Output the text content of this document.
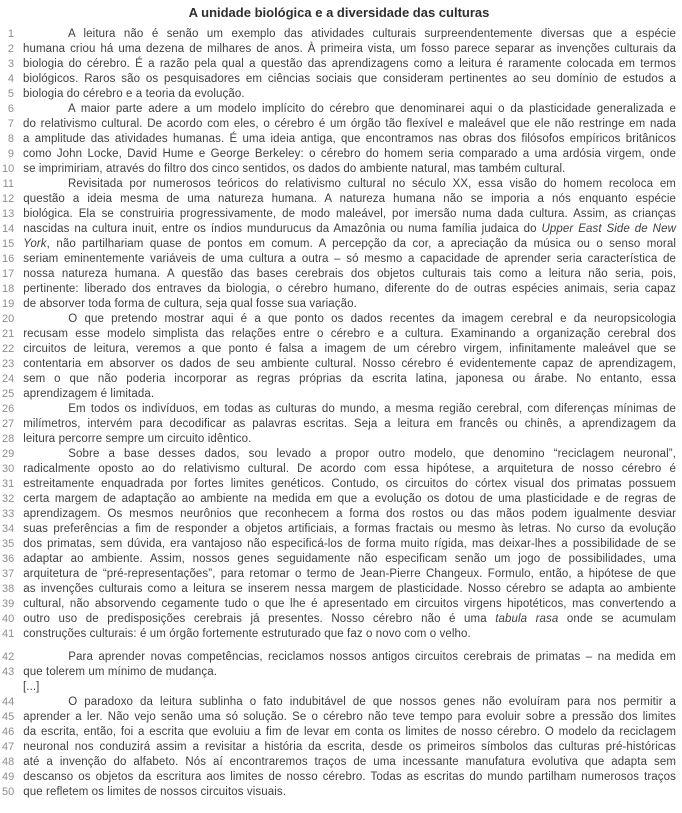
A unidade biológica e a diversidade das culturas
1	A leitura não é senão um exemplo das atividades culturais surpreendentemente diversas que a espécie
2 humana criou há uma dezena de milhares de anos. À primeira vista, um fosso parece separar as invenções culturais da
3 biologia do cérebro. É a razão pela qual a questão das aprendizagens como a leitura é raramente colocada em termos
4 biológicos. Raros são os pesquisadores em ciências sociais que consideram pertinentes ao seu domínio de estudos a
5 biologia do cérebro e a teoria da evolução.
6	A maior parte adere a um modelo implícito do cérebro que denominarei aqui o da plasticidade generalizada e
7 do relativismo cultural. De acordo com eles, o cérebro é um órgão tão flexível e maleável que ele não restringe em nada
8 a amplitude das atividades humanas. É uma ideia antiga, que encontramos nas obras dos filósofos empíricos britânicos
9 como John Locke, David Hume e George Berkeley: o cérebro do homem seria comparado a uma ardósia virgem, onde
10 se imprimiriam, através do filtro dos cinco sentidos, os dados do ambiente natural, mas também cultural.
11	Revisitada por numerosos teóricos do relativismo cultural no século XX, essa visão do homem recoloca em
12 questão a ideia mesma de uma natureza humana. A natureza humana não se imporia a nós enquanto espécie
13 biológica. Ela se construiria progressivamente, de modo maleável, por imersão numa dada cultura. Assim, as crianças
14 nascidas na cultura inuit, entre os índios mundurucus da Amazônia ou numa família judaica do Upper East Side de New
15 York, não partilhariam quase de pontos em comum. A percepção da cor, a apreciação da música ou o senso moral
16 seriam eminentemente variáveis de uma cultura a outra – só mesmo a capacidade de aprender seria característica de
17 nossa natureza humana. A questão das bases cerebrais dos objetos culturais tais como a leitura não seria, pois,
18 pertinente: liberado dos entraves da biologia, o cérebro humano, diferente do de outras espécies animais, seria capaz
19 de absorver toda forma de cultura, seja qual fosse sua variação.
20	O que pretendo mostrar aqui é a que ponto os dados recentes da imagem cerebral e da neuropsicologia
21 recusam esse modelo simplista das relações entre o cérebro e a cultura. Examinando a organização cerebral dos
22 circuitos de leitura, veremos a que ponto é falsa a imagem de um cérebro virgem, infinitamente maleável que se
23 contentaria em absorver os dados de seu ambiente cultural. Nosso cérebro é evidentemente capaz de aprendizagem,
24 sem o que não poderia incorporar as regras próprias da escrita latina, japonesa ou árabe. No entanto, essa
25 aprendizagem é limitada.
26	Em todos os indivíduos, em todas as culturas do mundo, a mesma região cerebral, com diferenças mínimas de
27 milímetros, intervém para decodificar as palavras escritas. Seja a leitura em francês ou chinês, a aprendizagem da
28 leitura percorre sempre um circuito idêntico.
29	Sobre a base desses dados, sou levado a propor outro modelo, que denomino “reciclagem neuronal”,
30 radicalmente oposto ao do relativismo cultural. De acordo com essa hipótese, a arquitetura de nosso cérebro é
31 estreitamente enquadrada por fortes limites genéticos. Contudo, os circuitos do córtex visual dos primatas possuem
32 certa margem de adaptação ao ambiente na medida em que a evolução os dotou de uma plasticidade e de regras de
33 aprendizagem. Os mesmos neurônios que reconhecem a forma dos rostos ou das mãos podem igualmente desviar
34 suas preferências a fim de responder a objetos artificiais, a formas fractais ou mesmo às letras. No curso da evolução
35 dos primatas, sem dúvida, era vantajoso não especificá-los de forma muito rígida, mas deixar-lhes a possibilidade de se
36 adaptar ao ambiente. Assim, nossos genes seguidamente não especificam senão um jogo de possibilidades, uma
37 arquitetura de “pré-representações”, para retomar o termo de Jean-Pierre Changeux. Formulo, então, a hipótese de que
38 as invenções culturais como a leitura se inserem nessa margem de plasticidade. Nosso cérebro se adapta ao ambiente
39 cultural, não absorvendo cegamente tudo o que lhe é apresentado em circuitos virgens hipotéticos, mas convertendo a
40 outro uso de predisposições cerebrais já presentes. Nosso cérebro não é uma tabula rasa onde se acumulam
41 construções culturais: é um órgão fortemente estruturado que faz o novo com o velho.
42	Para aprender novas competências, reciclamos nossos antigos circuitos cerebrais de primatas – na medida em
43 que tolerem um mínimo de mudança.
[...]
44	O paradoxo da leitura sublinha o fato indubitável de que nossos genes não evoluíram para nos permitir a
45 aprender a ler. Não vejo senão uma só solução. Se o cérebro não teve tempo para evoluir sobre a pressão dos limites
46 da escrita, então, foi a escrita que evoluiu a fim de levar em conta os limites de nosso cérebro. O modelo da reciclagem
47 neuronal nos conduzirá assim a revisitar a história da escrita, desde os primeiros símbolos das culturas pré-históricas
48 até a invenção do alfabeto. Nós aí encontraremos traços de uma incessante manufatura evolutiva que adapta sem
49 descanso os objetos da escritura aos limites de nosso cérebro. Todas as escritas do mundo partilham numerosos traços
50 que refletem os limites de nossos circuitos visuais.
